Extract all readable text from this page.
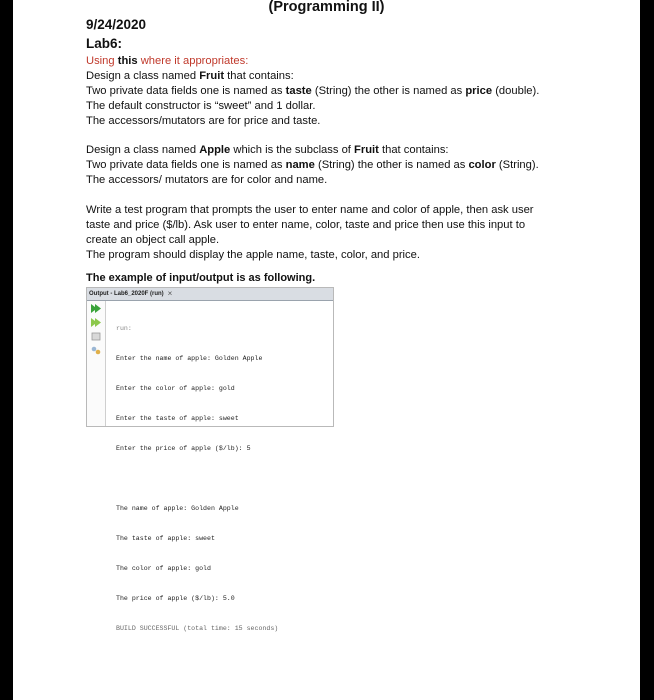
(Programming II)
9/24/2020
Lab6:
Using this where it appropriates:
Design a class named Fruit that contains:
Two private data fields one is named as taste (String) the other is named as price (double).
The default constructor is “sweet” and 1 dollar.
The accessors/mutators are for price and taste.
Design a class named Apple which is the subclass of Fruit that contains:
Two private data fields one is named as name (String) the other is named as color (String).
The accessors/ mutators are for color and name.
Write a test program that prompts the user to enter name and color of apple, then ask user
taste and price ($/lb). Ask user to enter name, color, taste and price then use this input to
create an object call apple.
The program should display the apple name, taste, color, and price.
The example of input/output is as following.
Output - Lab6_2020F (run) ×

run:

Enter the name of apple: Golden Apple

Enter the color of apple: gold

Enter the taste of apple: sweet

Enter the price of apple ($/lb): 5

The name of apple: Golden Apple

The taste of apple: sweet

The color of apple: gold

The price of apple ($/lb): 5.0

BUILD SUCCESSFUL (total time: 15 seconds)
